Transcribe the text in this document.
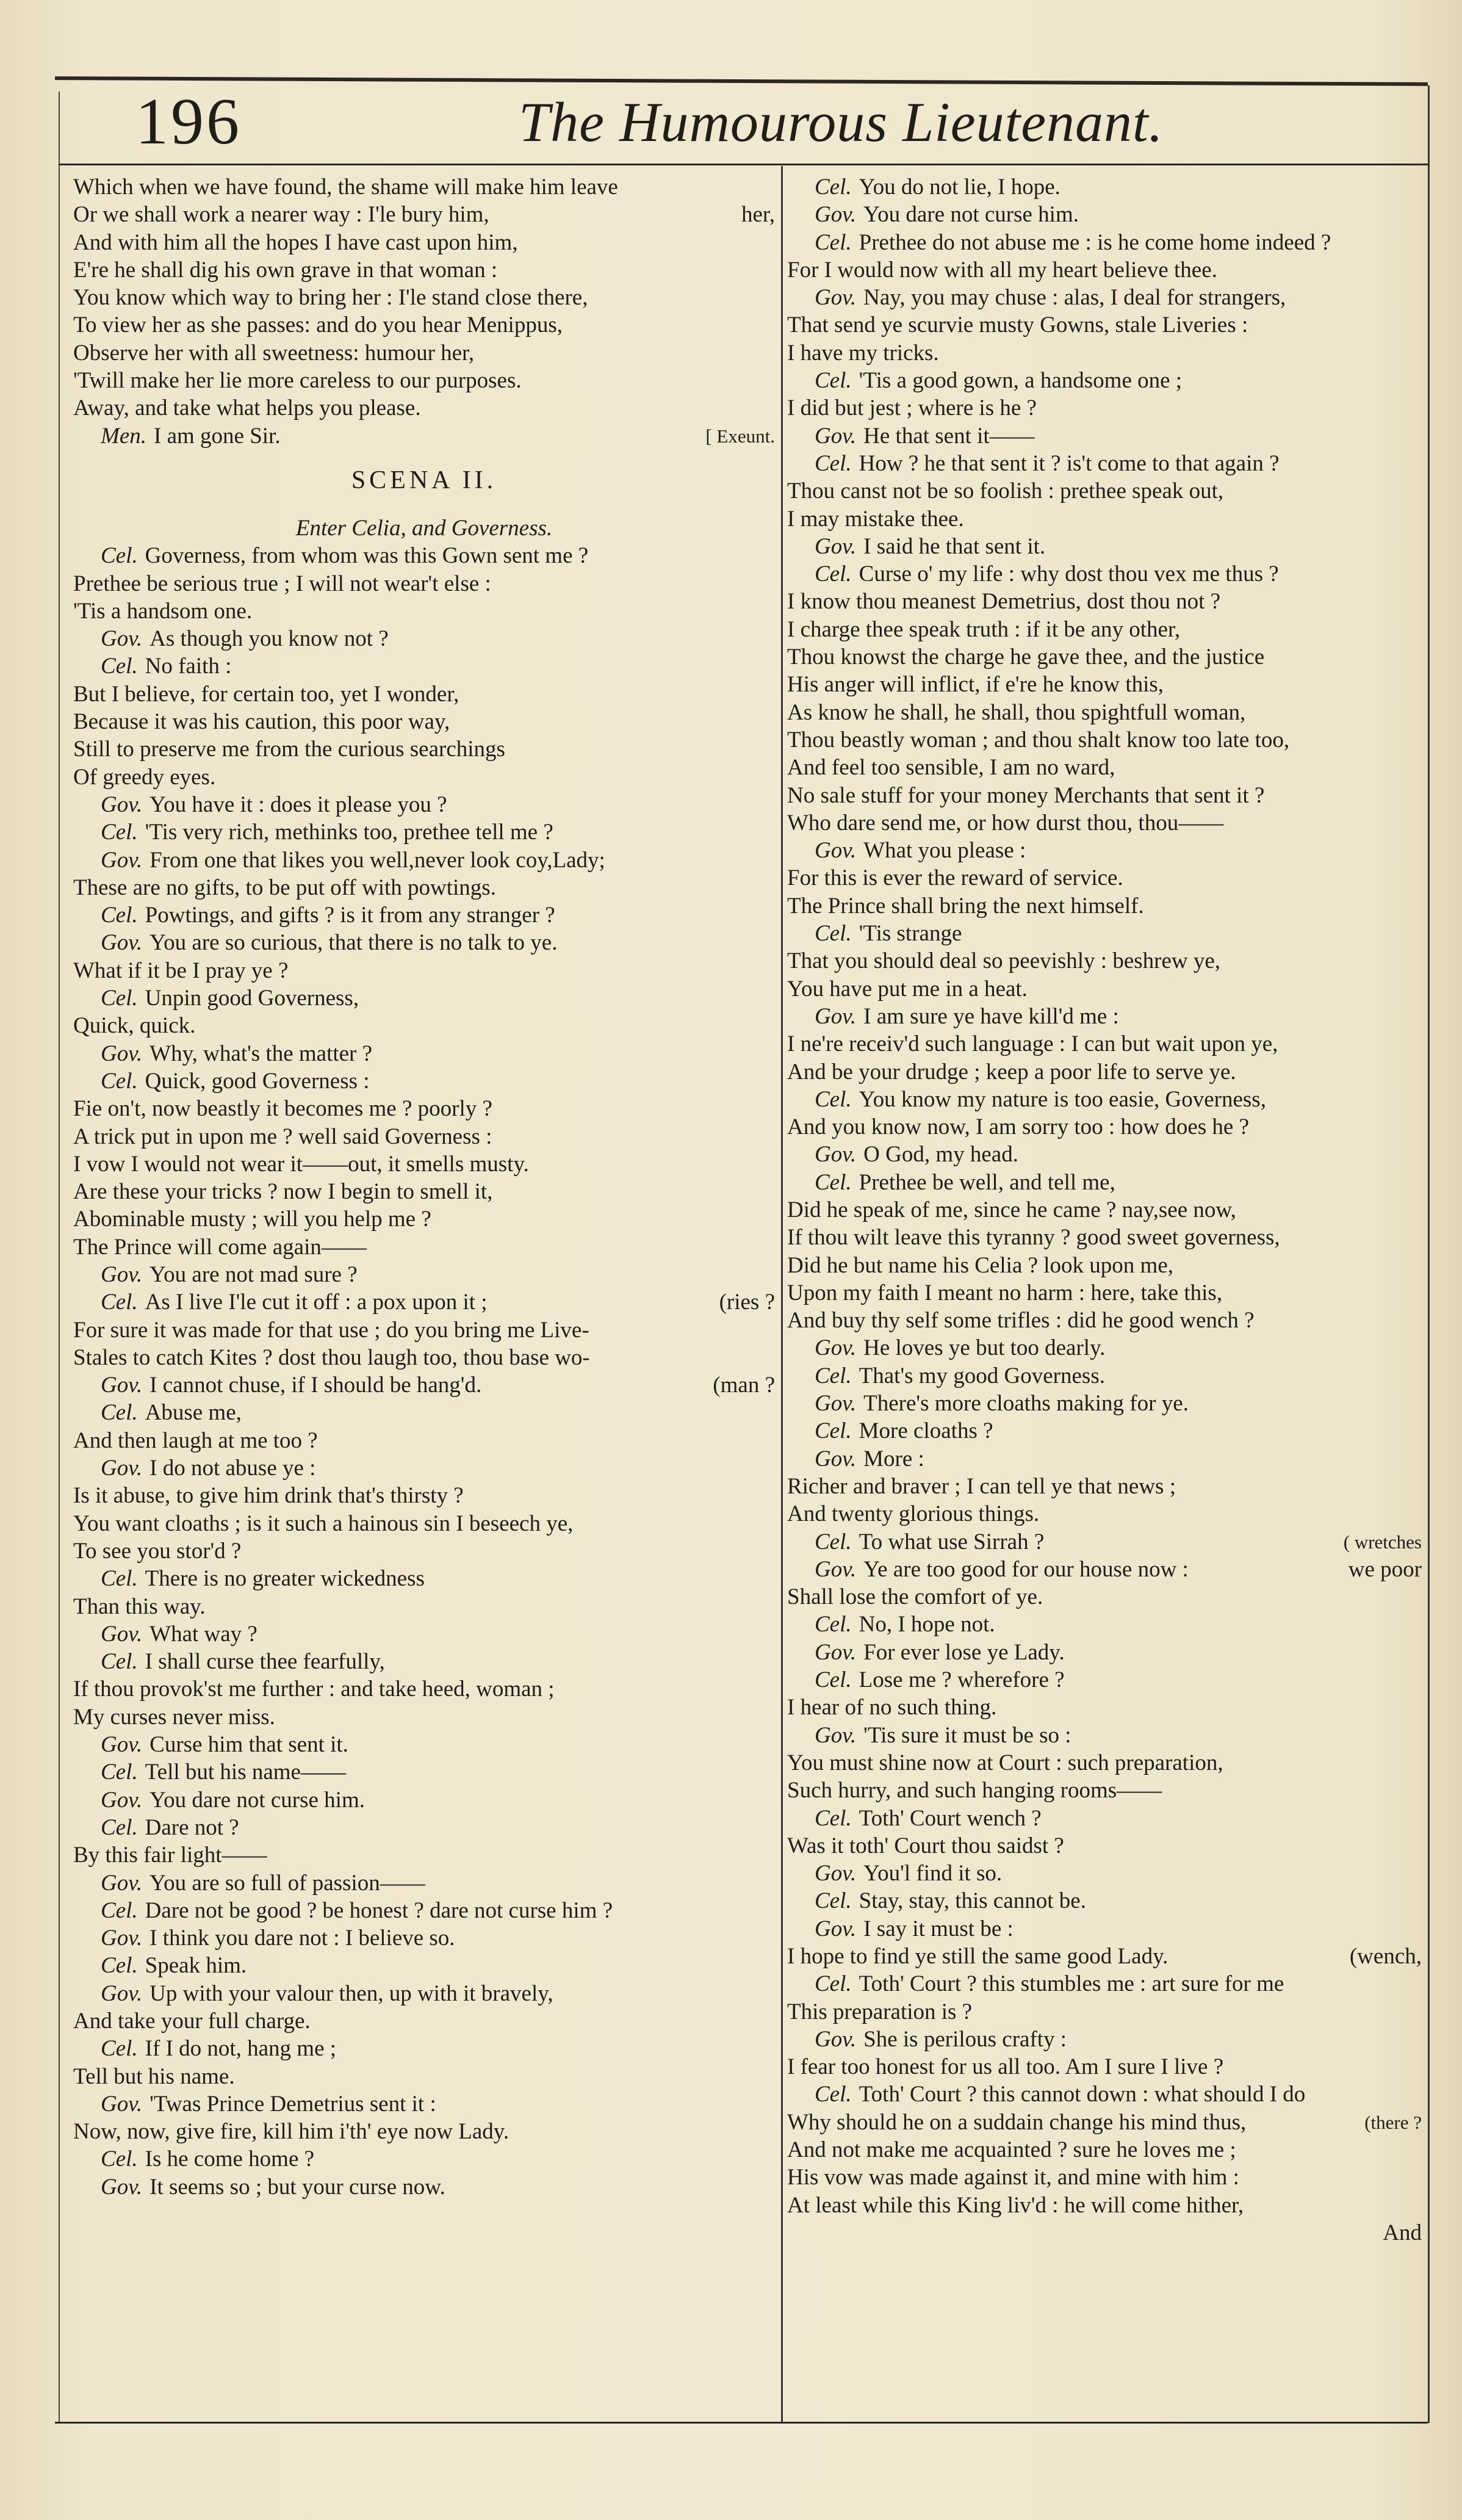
196	The Humourous Lieutenant.
Which when we have found, the shame will make him leave
Or we shall work a nearer way : I'le bury him,	her,
And with him all the hopes I have cast upon him,
E're he shall dig his own grave in that woman :
You know which way to bring her : I'le stand close there,
To view her as she passes: and do you hear Menippus,
Observe her with all sweetness: humour her,
'Twill make her lie more careless to our purposes.
Away, and take what helps you please.
Men. I am gone Sir.	[ Exeunt.
SCENA II.
Enter Celia, and Governess.
Cel. Governess, from whom was this Gown sent me ?
Prethee be serious true ; I will not wear't else :
'Tis a handsom one.
Gov. As though you know not ?
Cel. No faith :
But I believe, for certain too, yet I wonder,
Because it was his caution, this poor way,
Still to preserve me from the curious searchings
Of greedy eyes.
Gov. You have it : does it please you ?
Cel. 'Tis very rich, methinks too, prethee tell me ?
Gov. From one that likes you well,never look coy,Lady;
These are no gifts, to be put off with powtings.
Cel. Powtings, and gifts ? is it from any stranger ?
Gov. You are so curious, that there is no talk to ye.
What if it be I pray ye ?
Cel. Unpin good Governess,
Quick, quick.
Gov. Why, what's the matter ?
Cel. Quick, good Governess :
Fie on't, now beastly it becomes me ? poorly ?
A trick put in upon me ? well said Governess :
I vow I would not wear it——out, it smells musty.
Are these your tricks ? now I begin to smell it,
Abominable musty ; will you help me ?
The Prince will come again——
Gov. You are not mad sure ?
Cel. As I live I'le cut it off : a pox upon it ;	(ries ?
For sure it was made for that use ; do you bring me Live-
Stales to catch Kites ? dost thou laugh too, thou base wo-
Gov. I cannot chuse, if I should be hang'd.	(man ?
Cel. Abuse me,
And then laugh at me too ?
Gov. I do not abuse ye :
Is it abuse, to give him drink that's thirsty ?
You want cloaths ; is it such a hainous sin I beseech ye,
To see you stor'd ?
Cel. There is no greater wickedness
Than this way.
Gov. What way ?
Cel. I shall curse thee fearfully,
If thou provok'st me further : and take heed, woman ;
My curses never miss.
Gov. Curse him that sent it.
Cel. Tell but his name——
Gov. You dare not curse him.
Cel. Dare not ?
By this fair light——
Gov. You are so full of passion——
Cel. Dare not be good ? be honest ? dare not curse him ?
Gov. I think you dare not : I believe so.
Cel. Speak him.
Gov. Up with your valour then, up with it bravely,
And take your full charge.
Cel. If I do not, hang me ;
Tell but his name.
Gov. 'Twas Prince Demetrius sent it :
Now, now, give fire, kill him i'th' eye now Lady.
Cel. Is he come home ?
Gov. It seems so ; but your curse now.
Cel. You do not lie, I hope.
Gov. You dare not curse him.
Cel. Prethee do not abuse me : is he come home indeed ?
For I would now with all my heart believe thee.
Gov. Nay, you may chuse : alas, I deal for strangers,
That send ye scurvie musty Gowns, stale Liveries :
I have my tricks.
Cel. 'Tis a good gown, a handsome one ;
I did but jest ; where is he ?
Gov. He that sent it——
Cel. How ? he that sent it ? is't come to that again ?
Thou canst not be so foolish : prethee speak out,
I may mistake thee.
Gov. I said he that sent it.
Cel. Curse o' my life : why dost thou vex me thus ?
I know thou meanest Demetrius, dost thou not ?
I charge thee speak truth : if it be any other,
Thou knowst the charge he gave thee, and the justice
His anger will inflict, if e're he know this,
As know he shall, he shall, thou spightfull woman,
Thou beastly woman ; and thou shalt know too late too,
And feel too sensible, I am no ward,
No sale stuff for your money Merchants that sent it ?
Who dare send me, or how durst thou, thou——
Gov. What you please :
For this is ever the reward of service.
The Prince shall bring the next himself.
Cel. 'Tis strange
That you should deal so peevishly : beshrew ye,
You have put me in a heat.
Gov. I am sure ye have kill'd me :
I ne're receiv'd such language : I can but wait upon ye,
And be your drudge ; keep a poor life to serve ye.
Cel. You know my nature is too easie, Governess,
And you know now, I am sorry too : how does he ?
Gov. O God, my head.
Cel. Prethee be well, and tell me,
Did he speak of me, since he came ? nay,see now,
If thou wilt leave this tyranny ? good sweet governess,
Did he but name his Celia ? look upon me,
Upon my faith I meant no harm : here, take this,
And buy thy self some trifles : did he good wench ?
Gov. He loves ye but too dearly.
Cel. That's my good Governess.
Gov. There's more cloaths making for ye.
Cel. More cloaths ?
Gov. More :
Richer and braver ; I can tell ye that news ;
And twenty glorious things.
Cel. To what use Sirrah ?	( wretches
Gov. Ye are too good for our house now :	we poor
Shall lose the comfort of ye.
Cel. No, I hope not.
Gov. For ever lose ye Lady.
Cel. Lose me ? wherefore ?
I hear of no such thing.
Gov. 'Tis sure it must be so :
You must shine now at Court : such preparation,
Such hurry, and such hanging rooms——
Cel. Toth' Court wench ?
Was it toth' Court thou saidst ?
Gov. You'l find it so.
Cel. Stay, stay, this cannot be.
Gov. I say it must be :
I hope to find ye still the same good Lady.	(wench,
Cel. Toth' Court ? this stumbles me : art sure for me
This preparation is ?
Gov. She is perilous crafty :
I fear too honest for us all too. Am I sure I live ?
Cel. Toth' Court ? this cannot down : what should I do
Why should he on a suddain change his mind thus,	(there ?
And not make me acquainted ? sure he loves me ;
His vow was made against it, and mine with him :
At least while this King liv'd : he will come hither,
And
